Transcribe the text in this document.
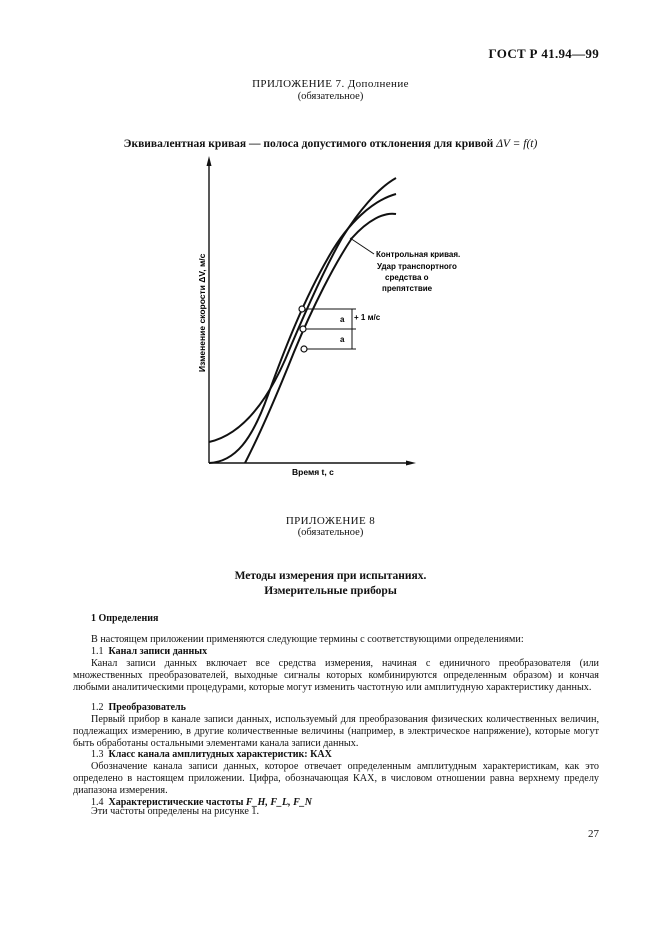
ГОСТ Р 41.94—99
ПРИЛОЖЕНИЕ 7. Дополнение
(обязательное)
Эквивалентная кривая — полоса допустимого отклонения для кривой ΔV = f(t)
Изменение скорости ΔV, м/с
Время t, с
Контрольная кривая.
Удар транспортного
средства о
препятствие
+ 1 м/с
a
a
ПРИЛОЖЕНИЕ 8
(обязательное)
Методы измерения при испытаниях.
Измерительные приборы
1 Определения
В настоящем приложении применяются следующие термины с соответствующими определениями:
1.1 Канал записи данных
Канал записи данных включает все средства измерения, начиная с единичного преобразователя (или множественных преобразователей, выходные сигналы которых комбинируются определенным образом) и кончая любыми аналитическими процедурами, которые могут изменить частотную или амплитудную характеристику данных.
1.2 Преобразователь
Первый прибор в канале записи данных, используемый для преобразования физических количественных величин, подлежащих измерению, в другие количественные величины (например, в электрическое напряжение), которые могут быть обработаны остальными элементами канала записи данных.
1.3 Класс канала амплитудных характеристик: КАХ
Обозначение канала записи данных, которое отвечает определенным амплитудным характеристикам, как это определено в настоящем приложении. Цифра, обозначающая КАХ, в числовом отношении равна верхнему пределу диапазона измерения.
1.4 Характеристические частоты F_H, F_L, F_N
Эти частоты определены на рисунке 1.
27
